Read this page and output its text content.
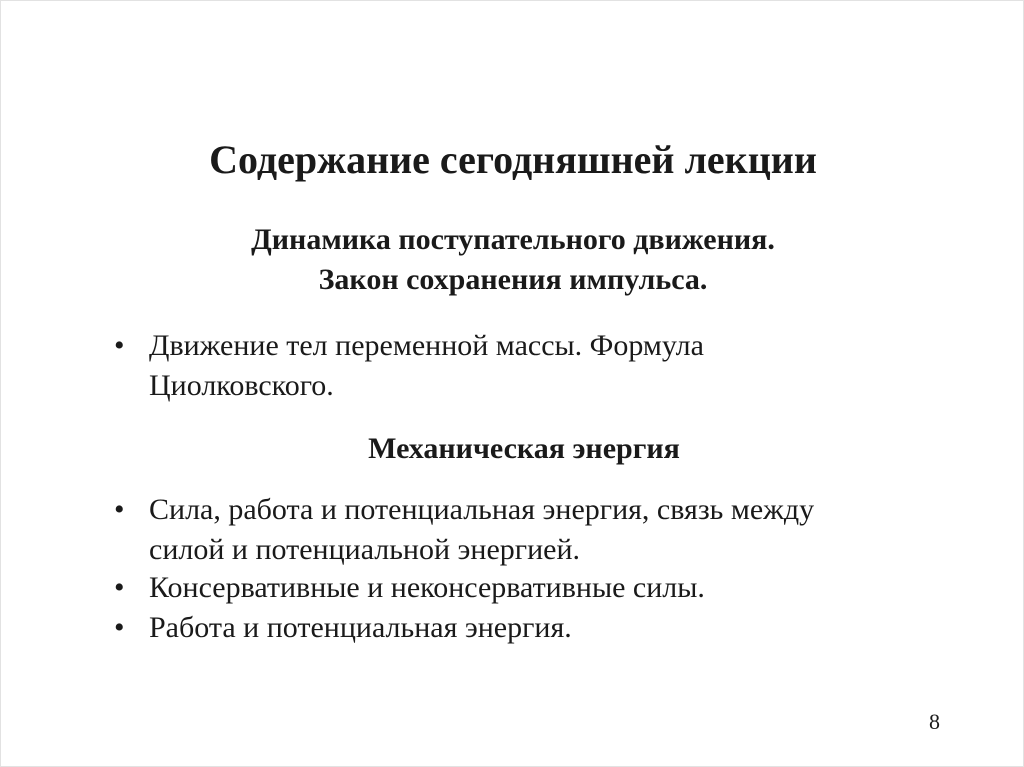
Содержание сегодняшней лекции
Динамика поступательного движения.
Закон сохранения импульса.
• Движение тел переменной массы. Формула
Циолковского.
Механическая энергия
• Сила, работа и потенциальная энергия, связь между
силой и потенциальной энергией.
• Консервативные и неконсервативные силы.
• Работа и потенциальная энергия.
8
